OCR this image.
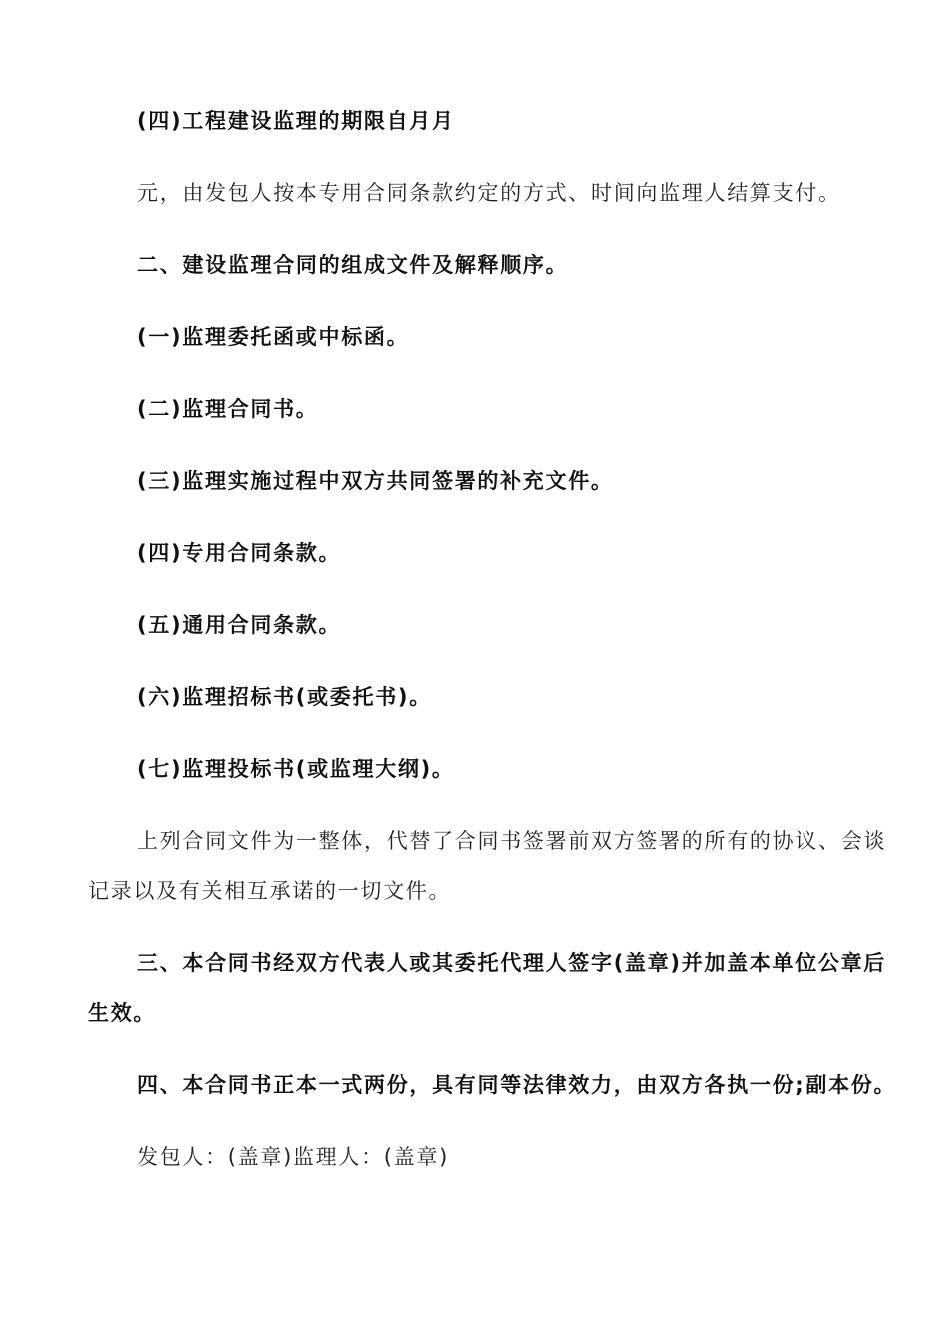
(四)工程建设监理的期限自月月
元，由发包人按本专用合同条款约定的方式、时间向监理人结算支付。
二、建设监理合同的组成文件及解释顺序。
(一)监理委托函或中标函。
(二)监理合同书。
(三)监理实施过程中双方共同签署的补充文件。
(四)专用合同条款。
(五)通用合同条款。
(六)监理招标书(或委托书)。
(七)监理投标书(或监理大纲)。
上列合同文件为一整体，代替了合同书签署前双方签署的所有的协议、会谈
记录以及有关相互承诺的一切文件。
三、本合同书经双方代表人或其委托代理人签字(盖章)并加盖本单位公章后
生效。
四、本合同书正本一式两份，具有同等法律效力，由双方各执一份;副本份。
发包人：(盖章)监理人：(盖章)
